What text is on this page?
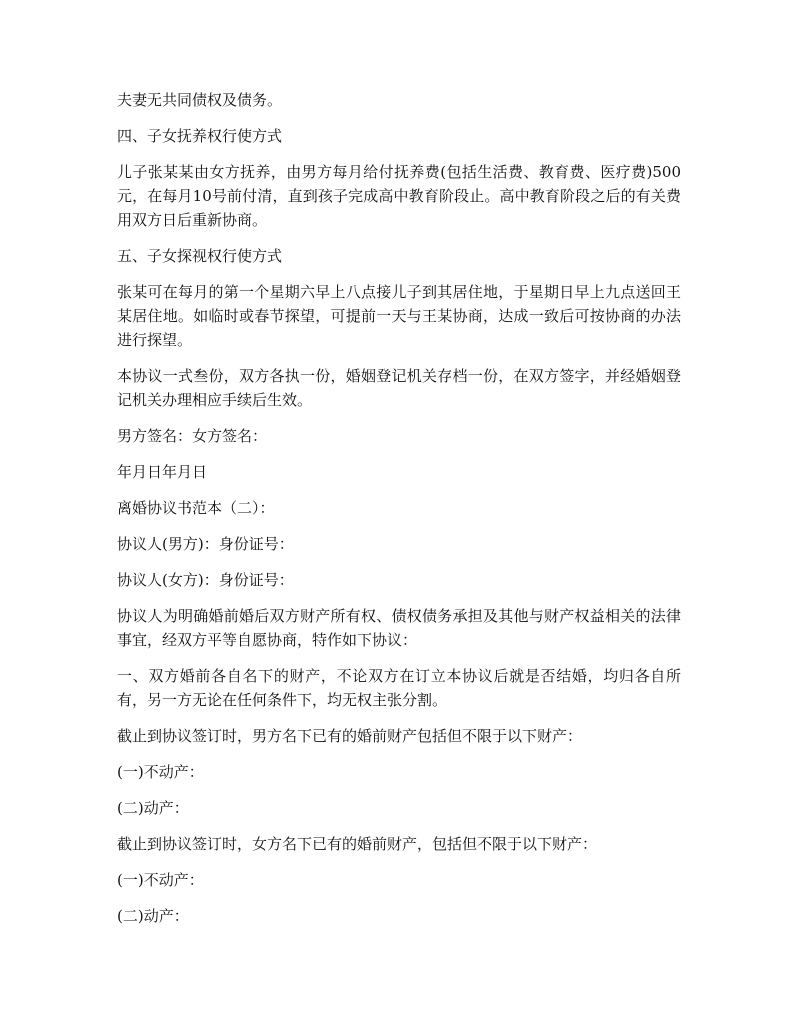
夫妻无共同债权及债务。

四、子女抚养权行使方式

儿子张某某由女方抚养，由男方每月给付抚养费(包括生活费、教育费、医疗费)500元，在每月10号前付清，直到孩子完成高中教育阶段止。高中教育阶段之后的有关费用双方日后重新协商。

五、子女探视权行使方式

张某可在每月的第一个星期六早上八点接儿子到其居住地，于星期日早上九点送回王某居住地。如临时或春节探望，可提前一天与王某协商，达成一致后可按协商的办法进行探望。

本协议一式叁份，双方各执一份，婚姻登记机关存档一份，在双方签字，并经婚姻登记机关办理相应手续后生效。

男方签名：女方签名：

年月日年月日

离婚协议书范本（二）：

协议人(男方)：身份证号：

协议人(女方)：身份证号：

协议人为明确婚前婚后双方财产所有权、债权债务承担及其他与财产权益相关的法律事宜，经双方平等自愿协商，特作如下协议：

一、双方婚前各自名下的财产，不论双方在订立本协议后就是否结婚，均归各自所有，另一方无论在任何条件下，均无权主张分割。

截止到协议签订时，男方名下已有的婚前财产包括但不限于以下财产：

(一)不动产：

(二)动产：

截止到协议签订时，女方名下已有的婚前财产，包括但不限于以下财产：

(一)不动产：

(二)动产：
